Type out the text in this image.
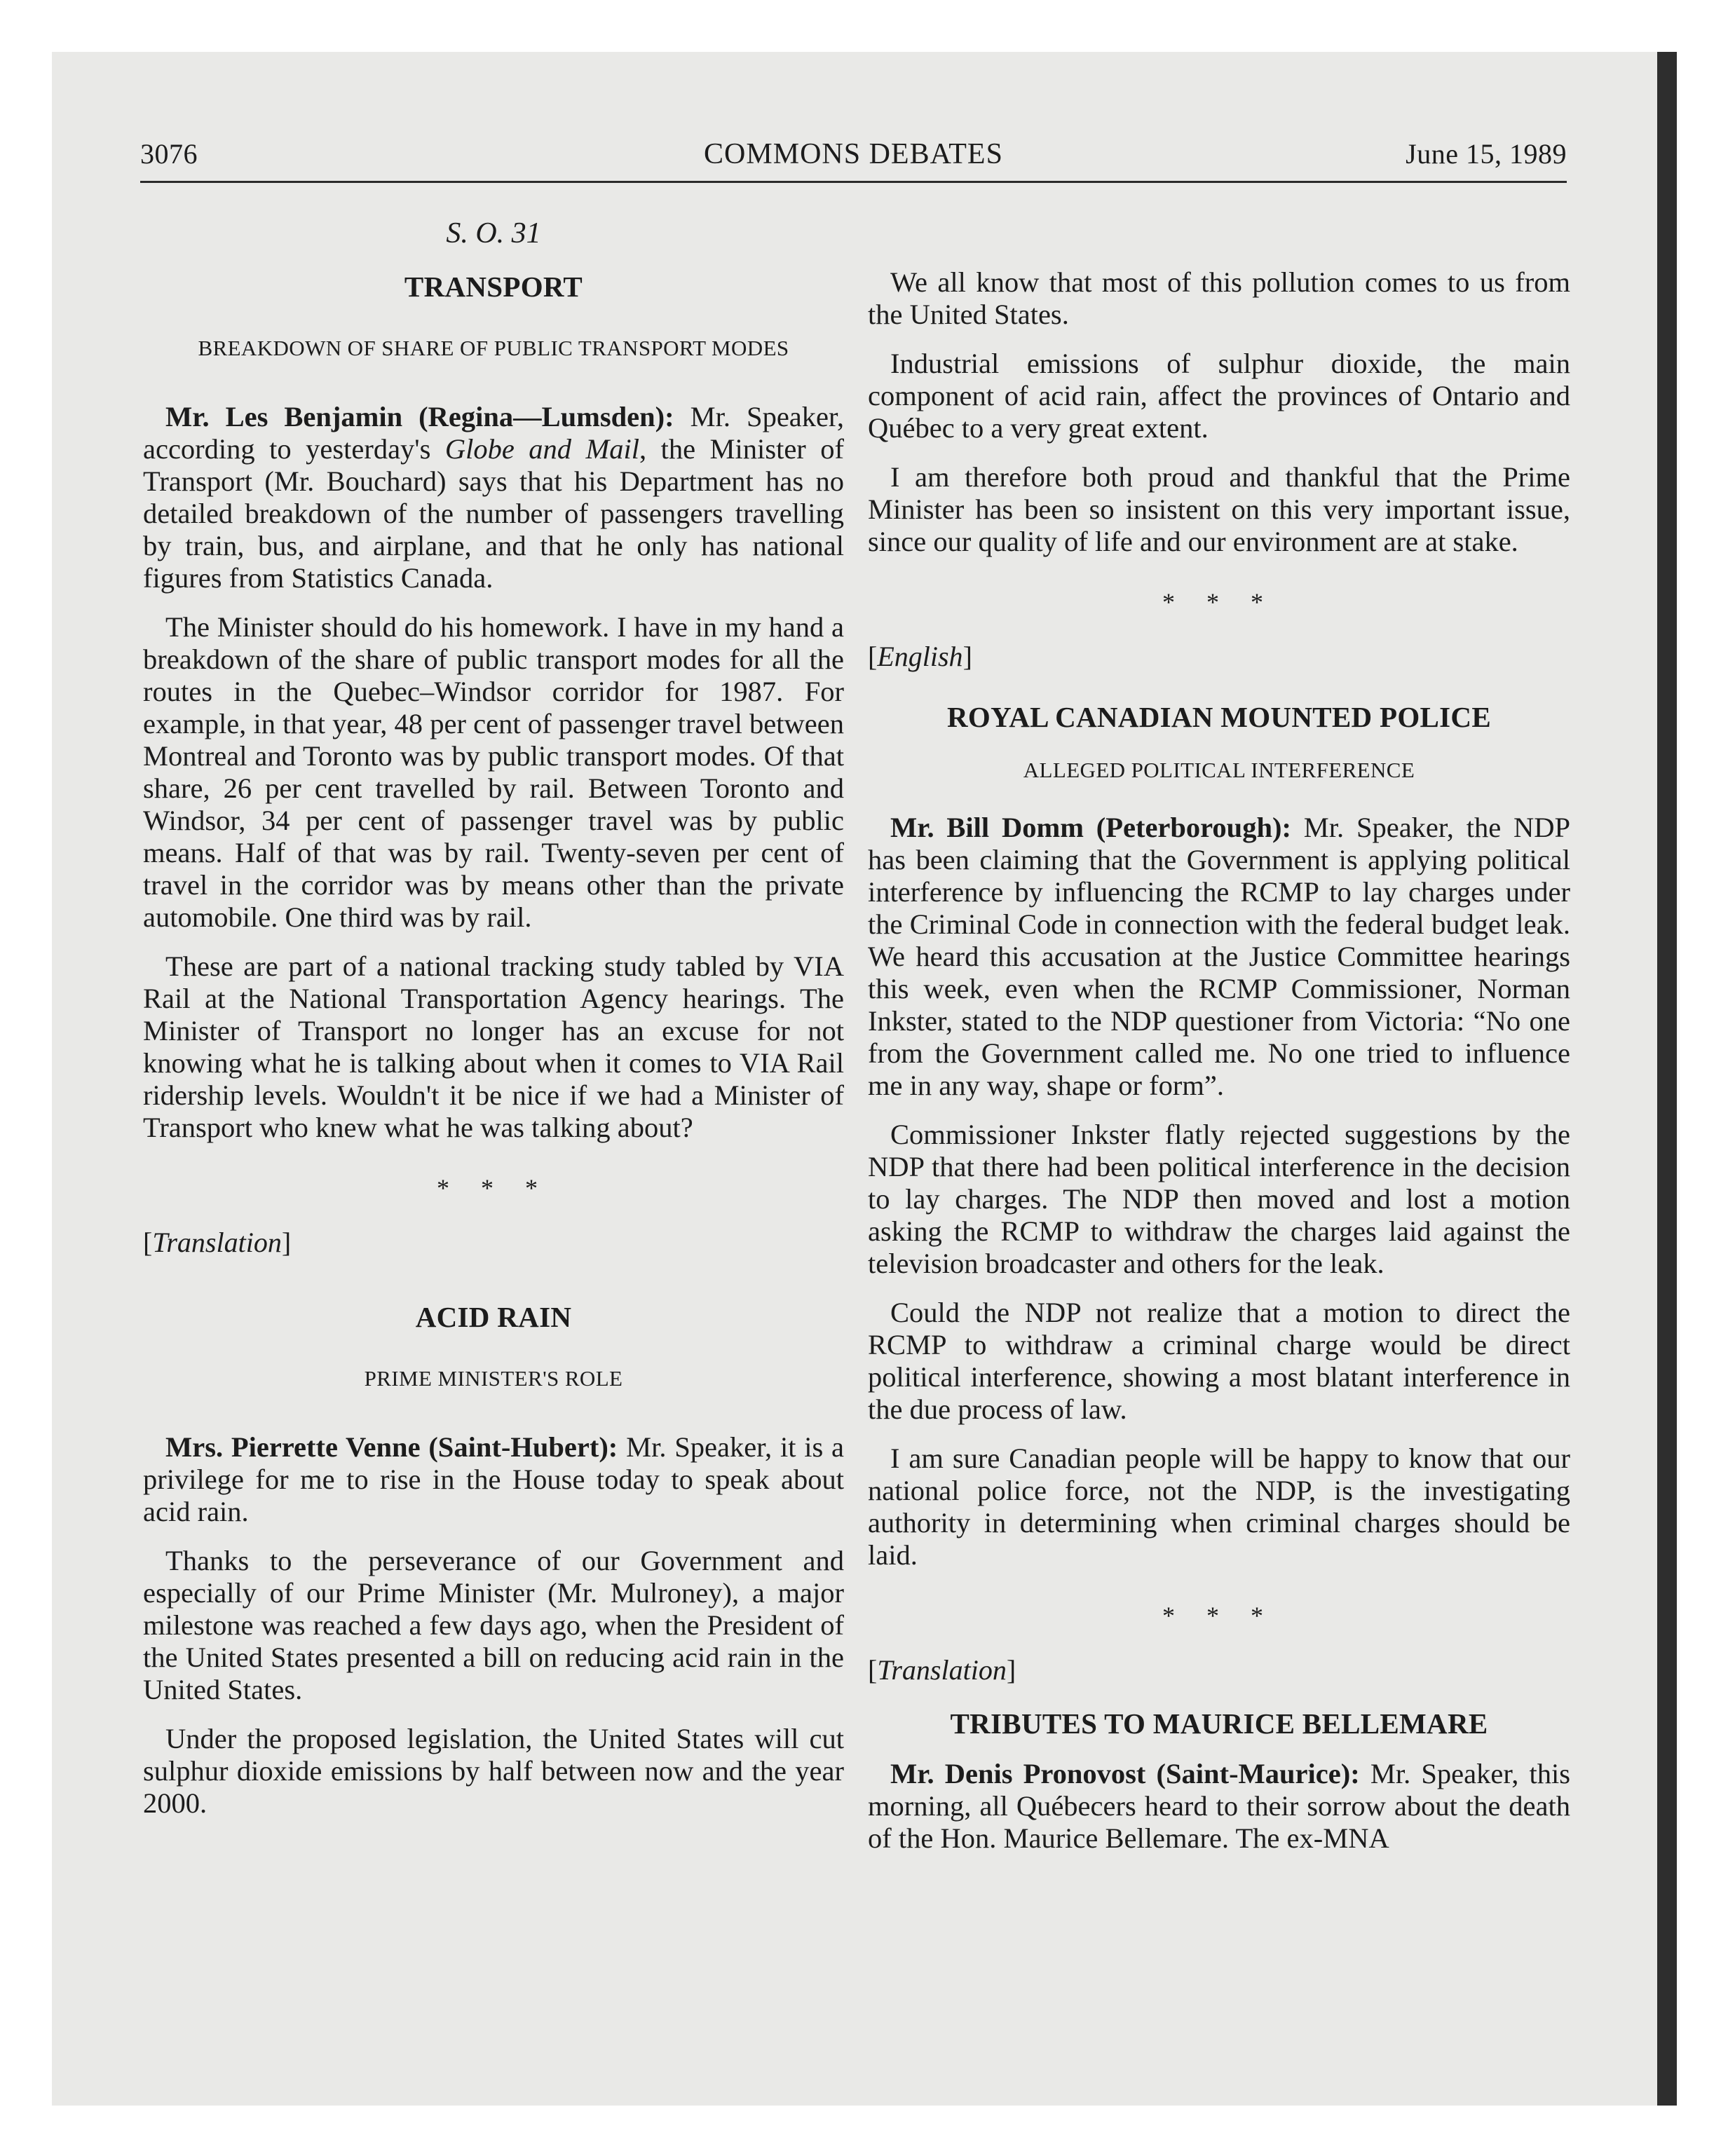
3076	COMMONS DEBATES	June 15, 1989
S. O. 31
TRANSPORT
BREAKDOWN OF SHARE OF PUBLIC TRANSPORT MODES

Mr. Les Benjamin (Regina—Lumsden): Mr. Speaker, according to yesterday's Globe and Mail, the Minister of Transport (Mr. Bouchard) says that his Department has no detailed breakdown of the number of passengers travelling by train, bus, and airplane, and that he only has national figures from Statistics Canada.

The Minister should do his homework. I have in my hand a breakdown of the share of public transport modes for all the routes in the Quebec–Windsor corridor for 1987. For example, in that year, 48 per cent of passenger travel between Montreal and Toronto was by public transport modes. Of that share, 26 per cent travelled by rail. Between Toronto and Windsor, 34 per cent of passenger travel was by public means. Half of that was by rail. Twenty-seven per cent of travel in the corridor was by means other than the private automobile. One third was by rail.

These are part of a national tracking study tabled by VIA Rail at the National Transportation Agency hearings. The Minister of Transport no longer has an excuse for not knowing what he is talking about when it comes to VIA Rail ridership levels. Wouldn't it be nice if we had a Minister of Transport who knew what he was talking about?

* * *
[Translation]
ACID RAIN
PRIME MINISTER'S ROLE

Mrs. Pierrette Venne (Saint-Hubert): Mr. Speaker, it is a privilege for me to rise in the House today to speak about acid rain.

Thanks to the perseverance of our Government and especially of our Prime Minister (Mr. Mulroney), a major milestone was reached a few days ago, when the President of the United States presented a bill on reducing acid rain in the United States.

Under the proposed legislation, the United States will cut sulphur dioxide emissions by half between now and the year 2000.

We all know that most of this pollution comes to us from the United States.

Industrial emissions of sulphur dioxide, the main component of acid rain, affect the provinces of Ontario and Québec to a very great extent.

I am therefore both proud and thankful that the Prime Minister has been so insistent on this very important issue, since our quality of life and our environment are at stake.

* * *
[English]
ROYAL CANADIAN MOUNTED POLICE
ALLEGED POLITICAL INTERFERENCE

Mr. Bill Domm (Peterborough): Mr. Speaker, the NDP has been claiming that the Government is applying political interference by influencing the RCMP to lay charges under the Criminal Code in connection with the federal budget leak. We heard this accusation at the Justice Committee hearings this week, even when the RCMP Commissioner, Norman Inkster, stated to the NDP questioner from Victoria: “No one from the Government called me. No one tried to influence me in any way, shape or form”.

Commissioner Inkster flatly rejected suggestions by the NDP that there had been political interference in the decision to lay charges. The NDP then moved and lost a motion asking the RCMP to withdraw the charges laid against the television broadcaster and others for the leak.

Could the NDP not realize that a motion to direct the RCMP to withdraw a criminal charge would be direct political interference, showing a most blatant interference in the due process of law.

I am sure Canadian people will be happy to know that our national police force, not the NDP, is the investigating authority in determining when criminal charges should be laid.

* * *
[Translation]
TRIBUTES TO MAURICE BELLEMARE

Mr. Denis Pronovost (Saint-Maurice): Mr. Speaker, this morning, all Québecers heard to their sorrow about the death of the Hon. Maurice Bellemare. The ex-MNA
